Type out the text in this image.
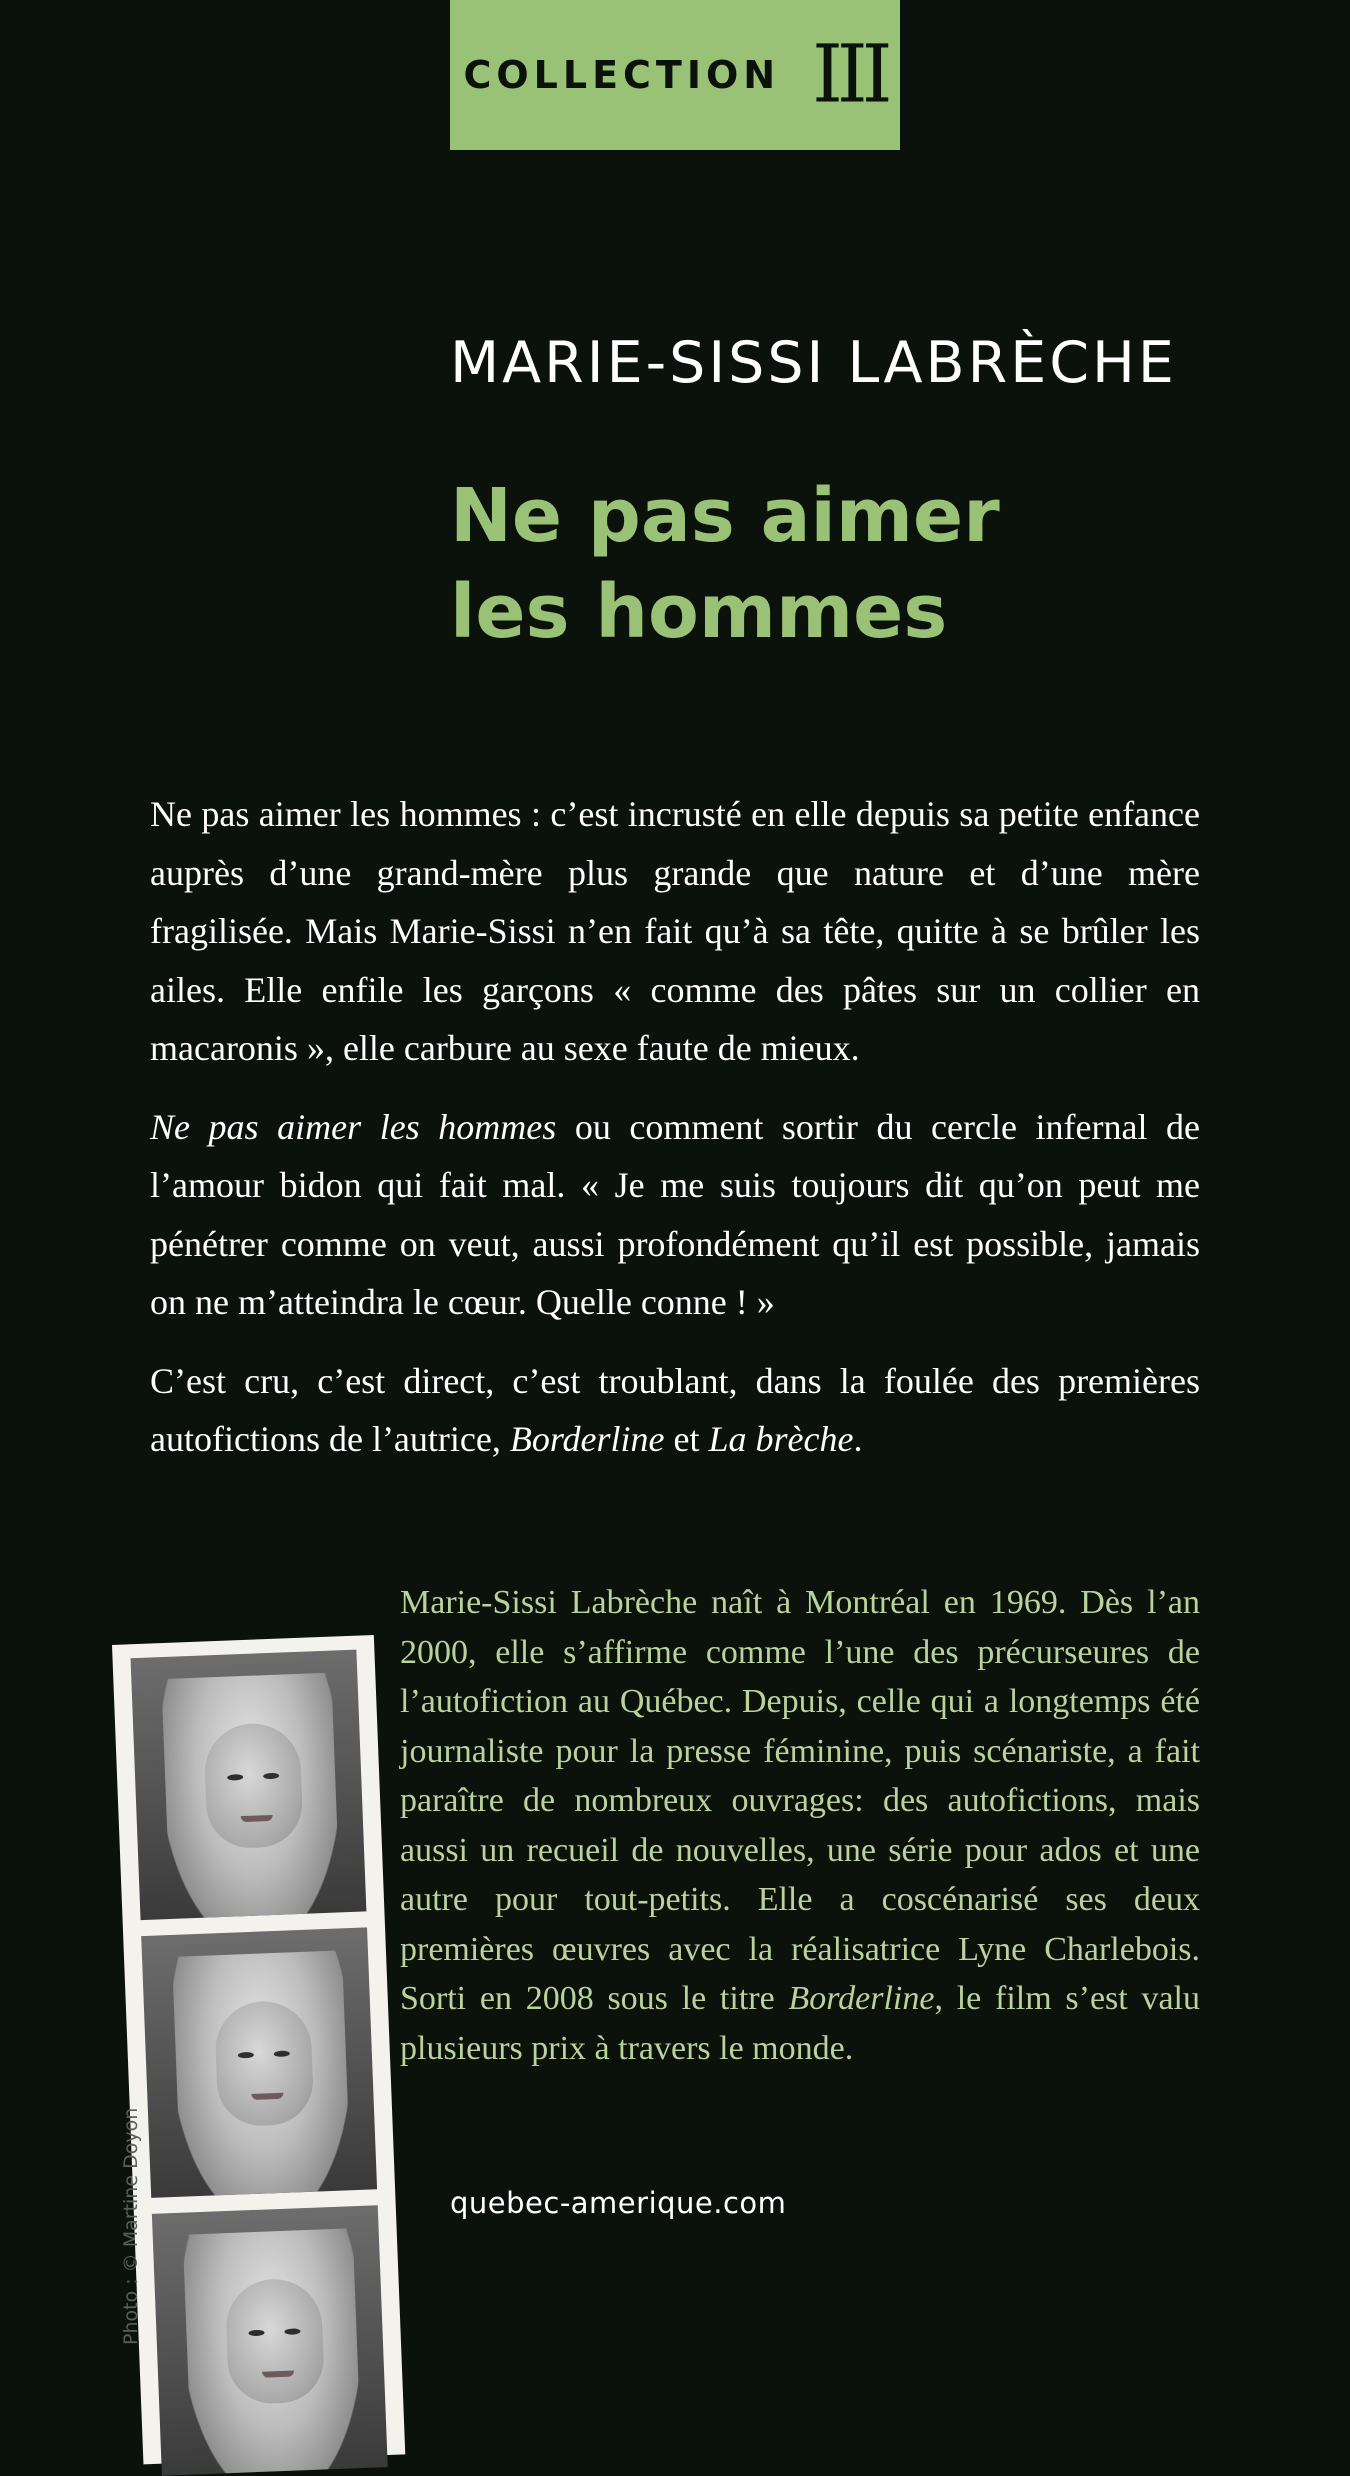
COLLECTION III
MARIE-SISSI LABRÈCHE
Ne pas aimer
les hommes

Ne pas aimer les hommes : c’est incrusté en elle depuis sa petite enfance auprès d’une grand-mère plus grande que nature et d’une mère fragilisée. Mais Marie-Sissi n’en fait qu’à sa tête, quitte à se brûler les ailes. Elle enfile les garçons « comme des pâtes sur un collier en macaronis », elle carbure au sexe faute de mieux.

Ne pas aimer les hommes ou comment sortir du cercle infernal de l’amour bidon qui fait mal. « Je me suis toujours dit qu’on peut me pénétrer comme on veut, aussi profondément qu’il est possible, jamais on ne m’atteindra le cœur. Quelle conne ! »

C’est cru, c’est direct, c’est troublant, dans la foulée des premières autofictions de l’autrice, Borderline et La brèche.

Photo : © Martine Doyon
Marie-Sissi Labrèche naît à Montréal en 1969. Dès l’an 2000, elle s’affirme comme l’une des précurseures de l’autofiction au Québec. Depuis, celle qui a longtemps été journaliste pour la presse féminine, puis scénariste, a fait paraître de nombreux ouvrages: des autofictions, mais aussi un recueil de nouvelles, une série pour ados et une autre pour tout-petits. Elle a coscénarisé ses deux premières œuvres avec la réalisatrice Lyne Charlebois. Sorti en 2008 sous le titre Borderline, le film s’est valu plusieurs prix à travers le monde.
quebec-amerique.com
